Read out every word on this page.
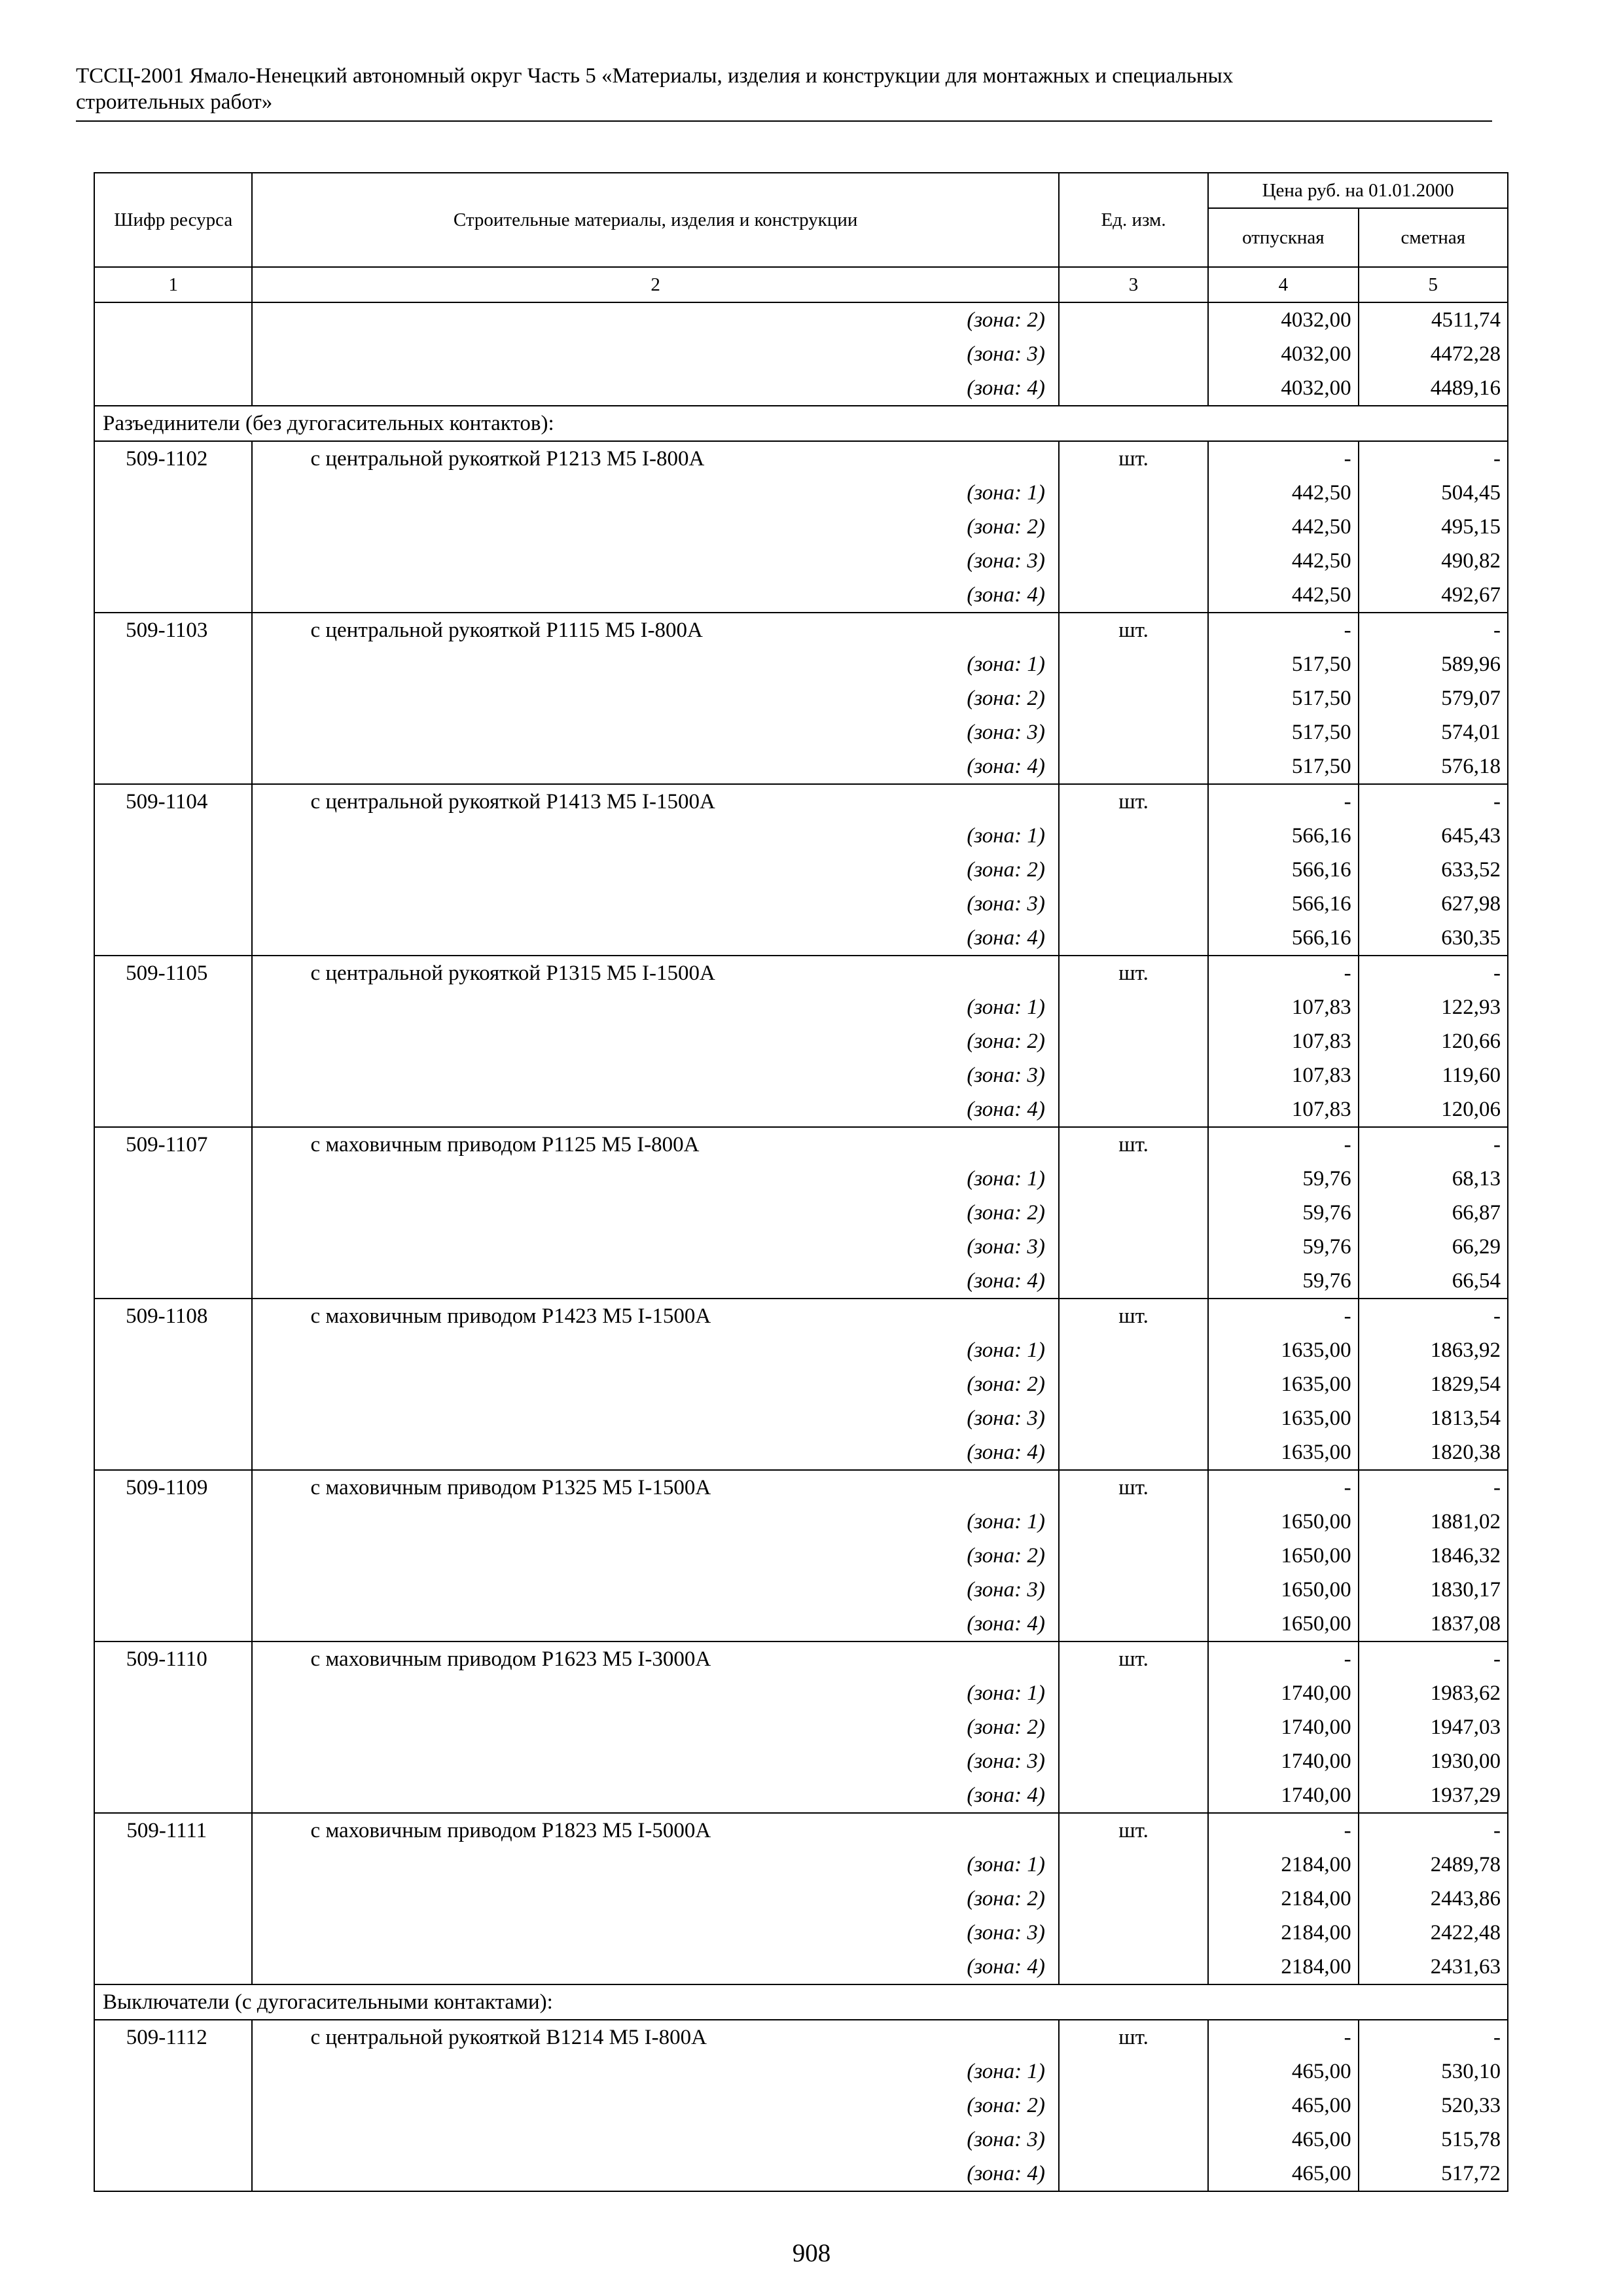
ТССЦ-2001 Ямало-Ненецкий автономный округ Часть 5 «Материалы, изделия и конструкции для монтажных и специальных
строительных работ»
Шифр ресурса	Строительные материалы, изделия и конструкции	Ед. изм.	Цена руб. на 01.01.2000	
			отпускная	сметная
1	2	3	4	5
	(зона: 2)		4032,00	4511,74
	(зона: 3)		4032,00	4472,28
	(зона: 4)		4032,00	4489,16
Разъединители (без дугогасительных контактов):				
509-1102	с центральной рукояткой Р1213 М5 I-800А	шт.	-	-
	(зона: 1)		442,50	504,45
	(зона: 2)		442,50	495,15
	(зона: 3)		442,50	490,82
	(зона: 4)		442,50	492,67
509-1103	с центральной рукояткой Р1115 М5 I-800А	шт.	-	-
	(зона: 1)		517,50	589,96
	(зона: 2)		517,50	579,07
	(зона: 3)		517,50	574,01
	(зона: 4)		517,50	576,18
509-1104	с центральной рукояткой Р1413 М5 I-1500А	шт.	-	-
	(зона: 1)		566,16	645,43
	(зона: 2)		566,16	633,52
	(зона: 3)		566,16	627,98
	(зона: 4)		566,16	630,35
509-1105	с центральной рукояткой Р1315 М5 I-1500А	шт.	-	-
	(зона: 1)		107,83	122,93
	(зона: 2)		107,83	120,66
	(зона: 3)		107,83	119,60
	(зона: 4)		107,83	120,06
509-1107	с маховичным приводом Р1125 М5 I-800А	шт.	-	-
	(зона: 1)		59,76	68,13
	(зона: 2)		59,76	66,87
	(зона: 3)		59,76	66,29
	(зона: 4)		59,76	66,54
509-1108	с маховичным приводом Р1423 М5 I-1500А	шт.	-	-
	(зона: 1)		1635,00	1863,92
	(зона: 2)		1635,00	1829,54
	(зона: 3)		1635,00	1813,54
	(зона: 4)		1635,00	1820,38
509-1109	с маховичным приводом Р1325 М5 I-1500А	шт.	-	-
	(зона: 1)		1650,00	1881,02
	(зона: 2)		1650,00	1846,32
	(зона: 3)		1650,00	1830,17
	(зона: 4)		1650,00	1837,08
509-1110	с маховичным приводом Р1623 М5 I-3000А	шт.	-	-
	(зона: 1)		1740,00	1983,62
	(зона: 2)		1740,00	1947,03
	(зона: 3)		1740,00	1930,00
	(зона: 4)		1740,00	1937,29
509-1111	с маховичным приводом Р1823 М5 I-5000А	шт.	-	-
	(зона: 1)		2184,00	2489,78
	(зона: 2)		2184,00	2443,86
	(зона: 3)		2184,00	2422,48
	(зона: 4)		2184,00	2431,63
Выключатели (с дугогасительными контактами):				
509-1112	с центральной рукояткой В1214 М5 I-800А	шт.	-	-
	(зона: 1)		465,00	530,10
	(зона: 2)		465,00	520,33
	(зона: 3)		465,00	515,78
	(зона: 4)		465,00	517,72
908
